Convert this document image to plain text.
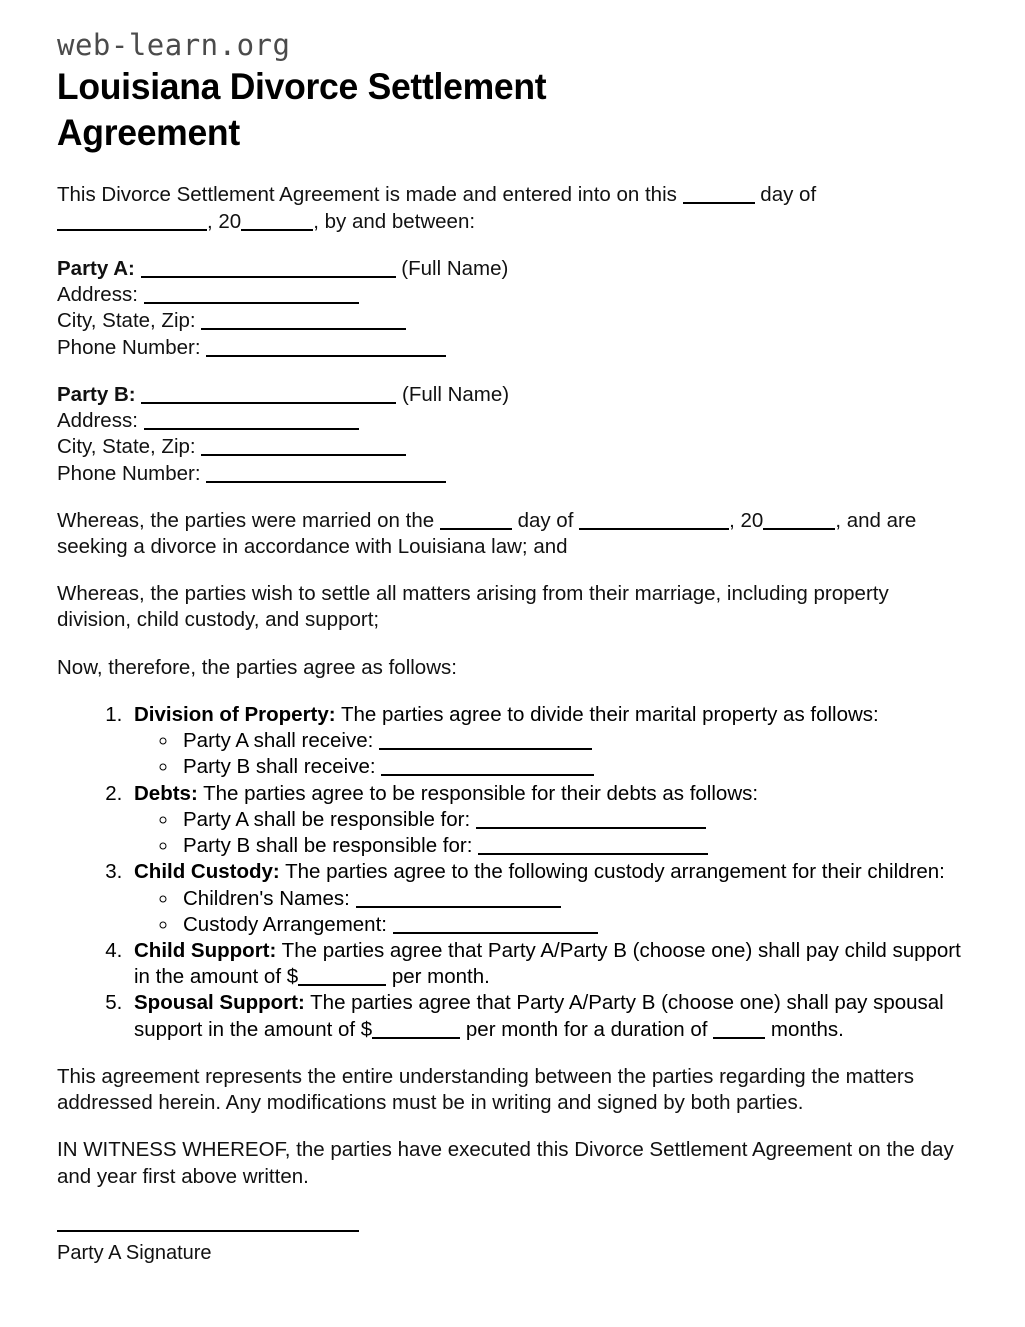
web-learn.org
Louisiana Divorce Settlement Agreement

This Divorce Settlement Agreement is made and entered into on this	day of , 20	, by and between:

Party A:	(Full Name)
Address:
City, State, Zip:
Phone Number:
Party B:	(Full Name)
Address:
City, State, Zip:
Phone Number:

Whereas, the parties were married on the	day of	, 20	, and are seeking a divorce in accordance with Louisiana law; and

Whereas, the parties wish to settle all matters arising from their marriage, including property division, child custody, and support;

Now, therefore, the parties agree as follows:

1. Division of Property: The parties agree to divide their marital property as follows:
◦ Party A shall receive:
◦ Party B shall receive:
2. Debts: The parties agree to be responsible for their debts as follows:
◦ Party A shall be responsible for:
◦ Party B shall be responsible for:
3. Child Custody: The parties agree to the following custody arrangement for their children:
◦ Children's Names:
◦ Custody Arrangement:
4. Child Support: The parties agree that Party A/Party B (choose one) shall pay child support in the amount of $	per month.
5. Spousal Support: The parties agree that Party A/Party B (choose one) shall pay spousal support in the amount of $	per month for a duration of	months.

This agreement represents the entire understanding between the parties regarding the matters addressed herein. Any modifications must be in writing and signed by both parties.

IN WITNESS WHEREOF, the parties have executed this Divorce Settlement Agreement on the day and year first above written.

Party A Signature
